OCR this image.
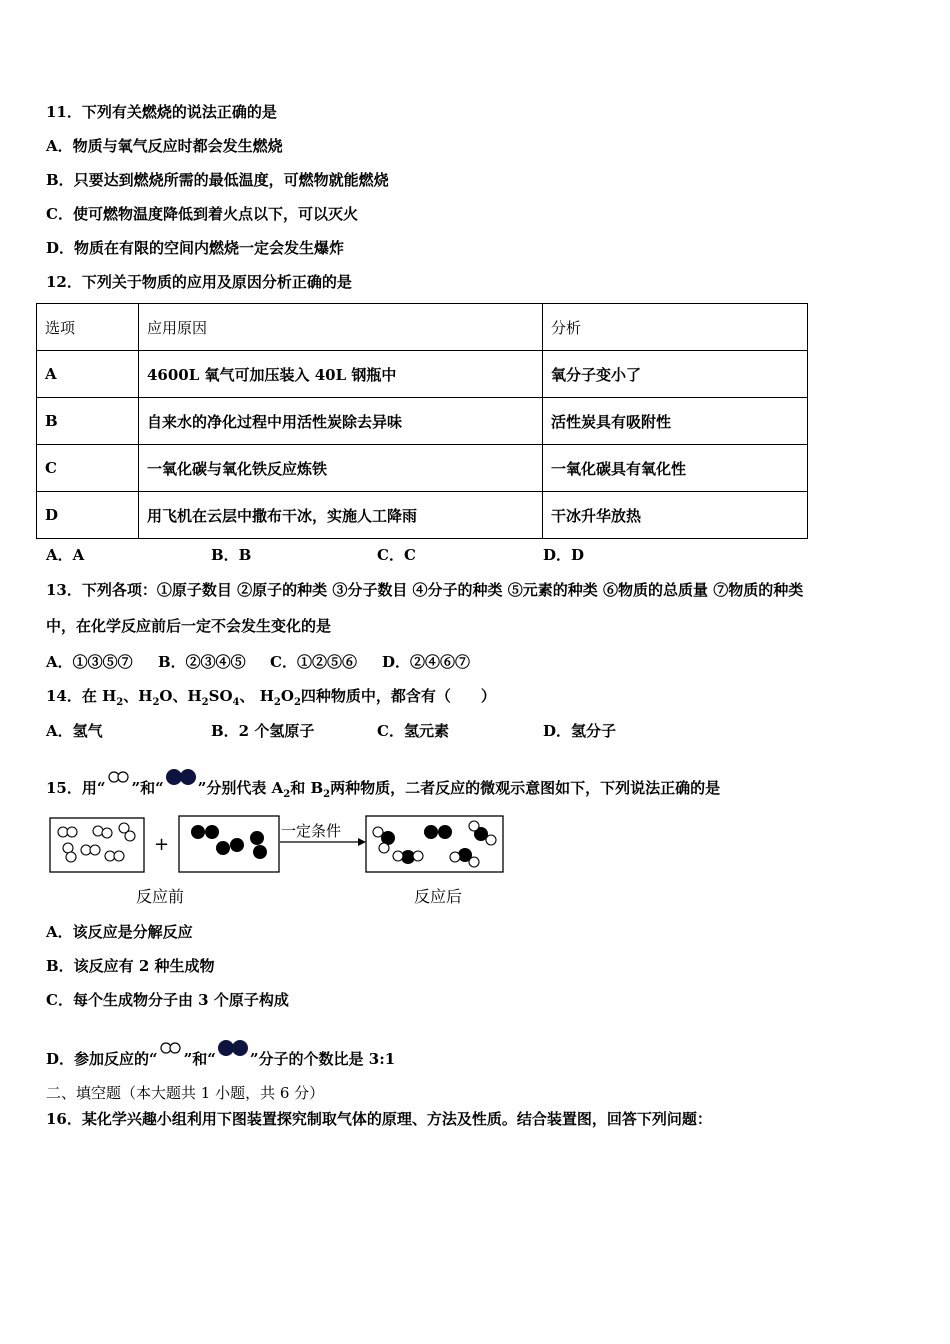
11．下列有关燃烧的说法正确的是
A．物质与氧气反应时都会发生燃烧
B．只要达到燃烧所需的最低温度，可燃物就能燃烧
C．使可燃物温度降低到着火点以下，可以灭火
D．物质在有限的空间内燃烧一定会发生爆炸
12．下列关于物质的应用及原因分析正确的是
选项	应用原因	分析
A	4600L 氧气可加压装入 40L 钢瓶中	氧分子变小了
B	自来水的净化过程中用活性炭除去异味	活性炭具有吸附性
C	一氧化碳与氧化铁反应炼铁	一氧化碳具有氧化性
D	用飞机在云层中撒布干冰，实施人工降雨	干冰升华放热
A．A	B．B	C．C	D．D
13．下列各项：①原子数目 ②原子的种类 ③分子数目 ④分子的种类 ⑤元素的种类 ⑥物质的总质量 ⑦物质的种类
中，在化学反应前后一定不会发生变化的是
A．①③⑤⑦ B．②③④⑤ C．①②⑤⑥ D．②④⑥⑦
14．在 $H_2$、$H_2O$、$H_2SO_4$、 $H_2O_2$四种物质中，都含有（　　）
A．氢气	B．2 个氢原子	C．氢元素	D．氢分子
15．用“ ”和“ ”分别代表 $A_2$和 $B_2$两种物质，二者反应的微观示意图如下，下列说法正确的是
+
一定条件
反应前	反应后
A．该反应是分解反应
B．该反应有 2 种生成物
C．每个生成物分子由 3 个原子构成
D．参加反应的“ ”和“ ”分子的个数比是 3:1
二、填空题（本大题共 1 小题，共 6 分）
16．某化学兴趣小组利用下图装置探究制取气体的原理、方法及性质。结合装置图，回答下列问题：
